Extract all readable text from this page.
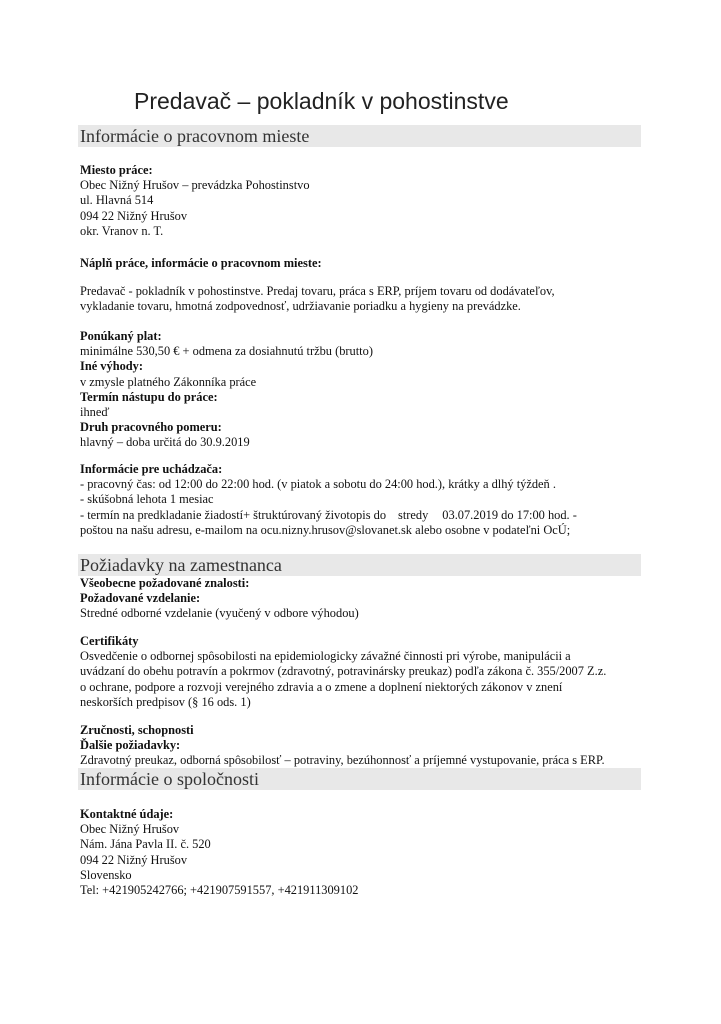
Predavač – pokladník v pohostinstve
Informácie o pracovnom mieste
Miesto práce:
Obec Nižný Hrušov – prevádzka Pohostinstvo
ul. Hlavná 514
094 22 Nižný Hrušov
okr. Vranov n. T.
Náplň práce, informácie o pracovnom mieste:
Predavač - pokladník v pohostinstve. Predaj tovaru, práca s ERP, príjem tovaru od dodávateľov,
vykladanie tovaru, hmotná zodpovednosť, udržiavanie poriadku a hygieny na prevádzke.
Ponúkaný plat:
minimálne 530,50 € + odmena za dosiahnutú tržbu (brutto)
Iné výhody:
v zmysle platného Zákonníka práce
Termín nástupu do práce:
ihneď
Druh pracovného pomeru:
hlavný – doba určitá do 30.9.2019
Informácie pre uchádzača:
- pracovný čas: od 12:00 do 22:00 hod. (v piatok a sobotu do 24:00 hod.), krátky a dlhý týždeň .
- skúšobná lehota 1 mesiac
- termín na predkladanie žiadostí+ štruktúrovaný životopis do stredy 03.07.2019 do 17:00 hod. -
poštou na našu adresu, e-mailom na ocu.nizny.hrusov@slovanet.sk alebo osobne v podateľni OcÚ;
Požiadavky na zamestnanca
Všeobecne požadované znalosti:
Požadované vzdelanie:
Stredné odborné vzdelanie (vyučený v odbore výhodou)
Certifikáty
Osvedčenie o odbornej spôsobilosti na epidemiologicky závažné činnosti pri výrobe, manipulácii a
uvádzaní do obehu potravín a pokrmov (zdravotný, potravinársky preukaz) podľa zákona č. 355/2007 Z.z.
o ochrane, podpore a rozvoji verejného zdravia a o zmene a doplnení niektorých zákonov v znení
neskorších predpisov (§ 16 ods. 1)
Zručnosti, schopnosti
Ďalšie požiadavky:
Zdravotný preukaz, odborná spôsobilosť – potraviny, bezúhonnosť a príjemné vystupovanie, práca s ERP.
Informácie o spoločnosti
Kontaktné údaje:
Obec Nižný Hrušov
Nám. Jána Pavla II. č. 520
094 22 Nižný Hrušov
Slovensko
Tel: +421905242766; +421907591557, +421911309102
